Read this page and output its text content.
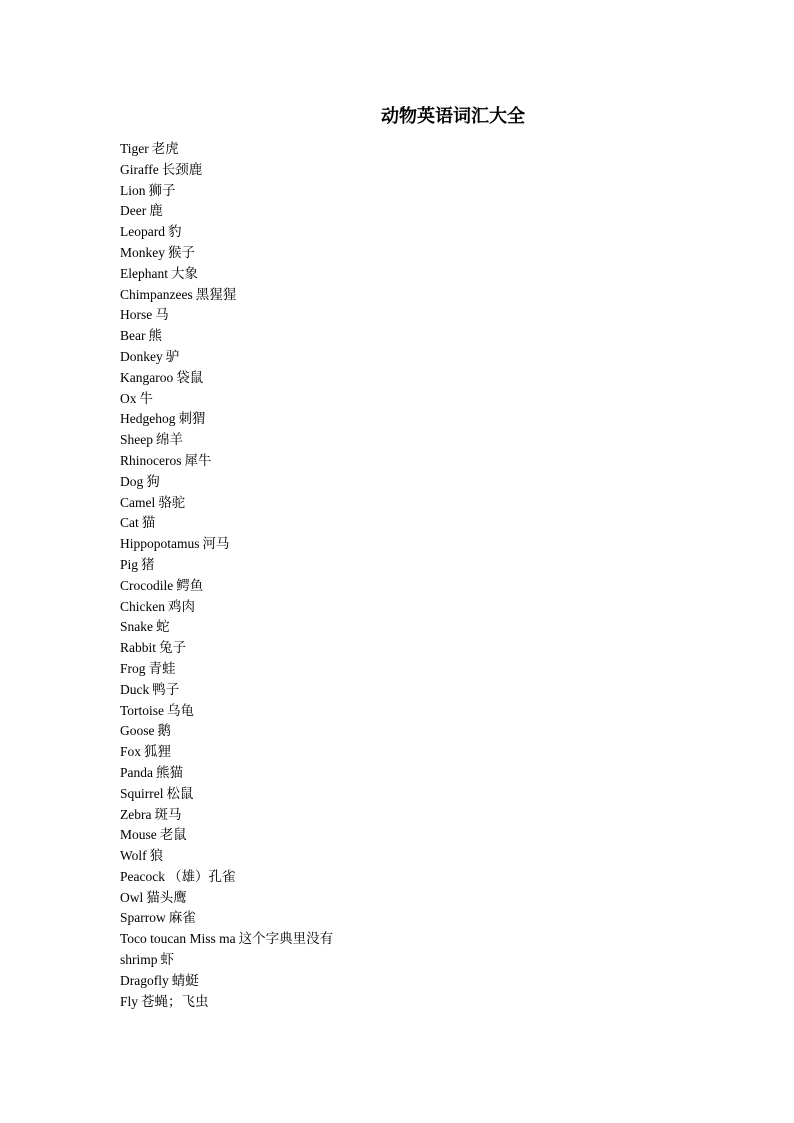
动物英语词汇大全
Tiger 老虎
Giraffe 长颈鹿
Lion 狮子
Deer 鹿
Leopard 豹
Monkey 猴子
Elephant 大象
Chimpanzees 黑猩猩
Horse 马
Bear 熊
Donkey 驴
Kangaroo 袋鼠
Ox 牛
Hedgehog 刺猬
Sheep 绵羊
Rhinoceros 犀牛
Dog 狗
Camel 骆驼
Cat 猫
Hippopotamus 河马
Pig 猪
Crocodile 鳄鱼
Chicken 鸡肉
Snake 蛇
Rabbit 兔子
Frog 青蛙
Duck 鸭子
Tortoise 乌龟
Goose 鹅
Fox 狐狸
Panda 熊猫
Squirrel 松鼠
Zebra 斑马
Mouse 老鼠
Wolf 狼
Peacock （雄）孔雀
Owl 猫头鹰
Sparrow 麻雀
Toco toucan Miss ma 这个字典里没有
shrimp 虾
Dragofly 蜻蜓
Fly 苍蝇；飞虫
